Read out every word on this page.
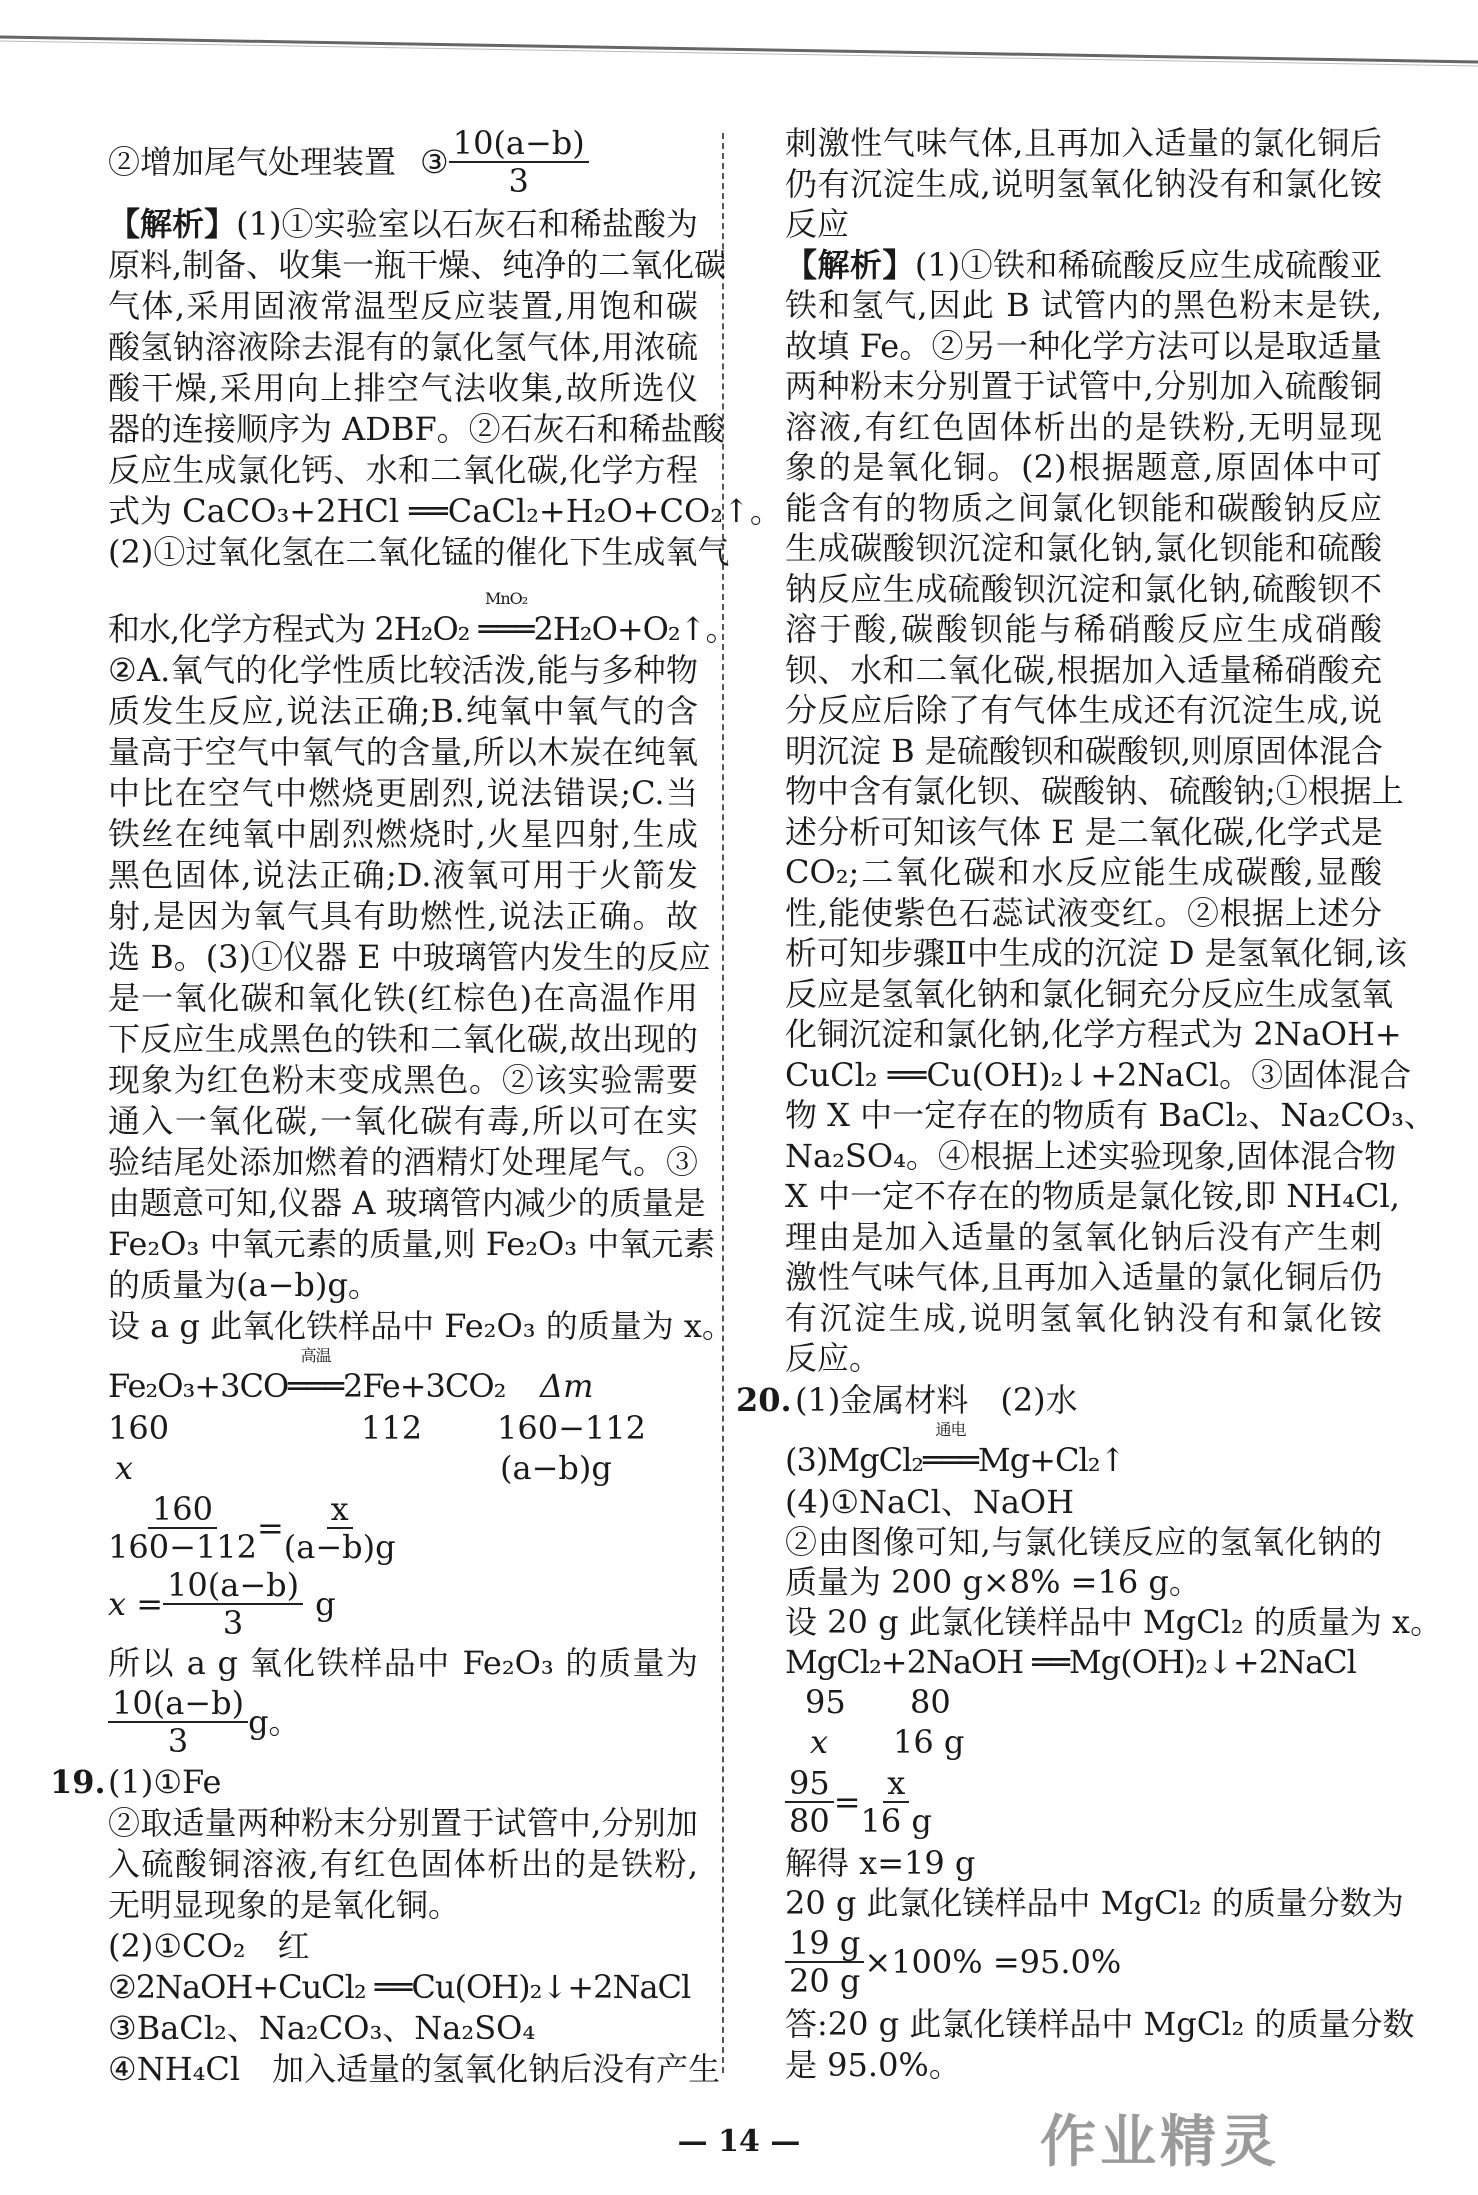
②增加尾气处理装置 ③ $\frac{10(a-b)}{3}$
【解析】(1)①实验室以石灰石和稀盐酸为
原料,制备、收集一瓶干燥、纯净的二氧化碳
气体,采用固液常温型反应装置,用饱和碳
酸氢钠溶液除去混有的氯化氢气体,用浓硫
酸干燥,采用向上排空气法收集,故所选仪
器的连接顺序为 ADBF。②石灰石和稀盐酸
反应生成氯化钙、水和二氧化碳,化学方程
式为 CaCO₃+2HCl ══CaCl₂+H₂O+CO₂↑。
(2)①过氧化氢在二氧化锰的催化下生成氧气
和水,化学方程式为 2H₂O₂
MnO₂
═══2H₂O+O₂↑。
②A.氧气的化学性质比较活泼,能与多种物
质发生反应,说法正确;B.纯氧中氧气的含
量高于空气中氧气的含量,所以木炭在纯氧
中比在空气中燃烧更剧烈,说法错误;C.当
铁丝在纯氧中剧烈燃烧时,火星四射,生成
黑色固体,说法正确;D.液氧可用于火箭发
射,是因为氧气具有助燃性,说法正确。故
选 B。(3)①仪器 E 中玻璃管内发生的反应
是一氧化碳和氧化铁(红棕色)在高温作用
下反应生成黑色的铁和二氧化碳,故出现的
现象为红色粉末变成黑色。②该实验需要
通入一氧化碳,一氧化碳有毒,所以可在实
验结尾处添加燃着的酒精灯处理尾气。③
由题意可知,仪器 A 玻璃管内减少的质量是
Fe₂O₃ 中氧元素的质量,则 Fe₂O₃ 中氧元素
的质量为(a−b)g。
设 a g 此氧化铁样品中 Fe₂O₃ 的质量为 x。
刺激性气味气体,且再加入适量的氯化铜后
仍有沉淀生成,说明氢氧化钠没有和氯化铵
反应
【解析】(1)①铁和稀硫酸反应生成硫酸亚
铁和氢气,因此 B 试管内的黑色粉末是铁,
故填 Fe。②另一种化学方法可以是取适量
两种粉末分别置于试管中,分别加入硫酸铜
溶液,有红色固体析出的是铁粉,无明显现
象的是氧化铜。(2)根据题意,原固体中可
能含有的物质之间氯化钡能和碳酸钠反应
生成碳酸钡沉淀和氯化钠,氯化钡能和硫酸
钠反应生成硫酸钡沉淀和氯化钠,硫酸钡不
溶于酸,碳酸钡能与稀硝酸反应生成硝酸
钡、水和二氧化碳,根据加入适量稀硝酸充
分反应后除了有气体生成还有沉淀生成,说
明沉淀 B 是硫酸钡和碳酸钡,则原固体混合
物中含有氯化钡、碳酸钠、硫酸钠;①根据上
述分析可知该气体 E 是二氧化碳,化学式是
CO₂;二氧化碳和水反应能生成碳酸,显酸
性,能使紫色石蕊试液变红。②根据上述分
析可知步骤Ⅱ中生成的沉淀 D 是氢氧化铜,该
反应是氢氧化钠和氯化铜充分反应生成氢氧
化铜沉淀和氯化钠,化学方程式为 2NaOH+
CuCl₂ ══Cu(OH)₂↓+2NaCl。③固体混合
物 X 中一定存在的物质有 BaCl₂、Na₂CO₃、
Na₂SO₄。④根据上述实验现象,固体混合物
X 中一定不存在的物质是氯化铵,即 NH₄Cl,
理由是加入适量的氢氧化钠后没有产生刺
激性气味气体,且再加入适量的氯化铜后仍
有沉淀生成,说明氢氧化钠没有和氯化铵
反应。
Fe₂O₃+3CO
高温
═══2Fe+3CO₂ Δm
160	112 160−112
x	(a−b)g
$\frac{160}{160-112} = \frac{x}{(a-b)g}$
$x = \frac{10(a-b)}{3}$ g
所以 a g 氧化铁样品中 Fe₂O₃ 的质量为
$\frac{10(a-b)}{3}$ g。
19. (1)①Fe
②取适量两种粉末分别置于试管中,分别加
入硫酸铜溶液,有红色固体析出的是铁粉,
无明显现象的是氧化铜。
(2)①CO₂　红
②2NaOH+CuCl₂ ══Cu(OH)₂↓+2NaCl
③BaCl₂、Na₂CO₃、Na₂SO₄
④NH₄Cl　加入适量的氢氧化钠后没有产生
20. (1)金属材料　(2)水
(3)MgCl₂
通电
═══Mg+Cl₂↑
(4)①NaCl、NaOH
②由图像可知,与氯化镁反应的氢氧化钠的
质量为 200 g×8% =16 g。
设 20 g 此氯化镁样品中 MgCl₂ 的质量为 x。
MgCl₂+2NaOH ══Mg(OH)₂↓+2NaCl
95 80
x 16 g
$\frac{95}{80} = \frac{x}{16 g}$
解得 x=19 g
20 g 此氯化镁样品中 MgCl₂ 的质量分数为
$\frac{19 g}{20 g} \times 100\% =95.0\%$
答:20 g 此氯化镁样品中 MgCl₂ 的质量分数
是 95.0%。
作业精灵
— 14 —
